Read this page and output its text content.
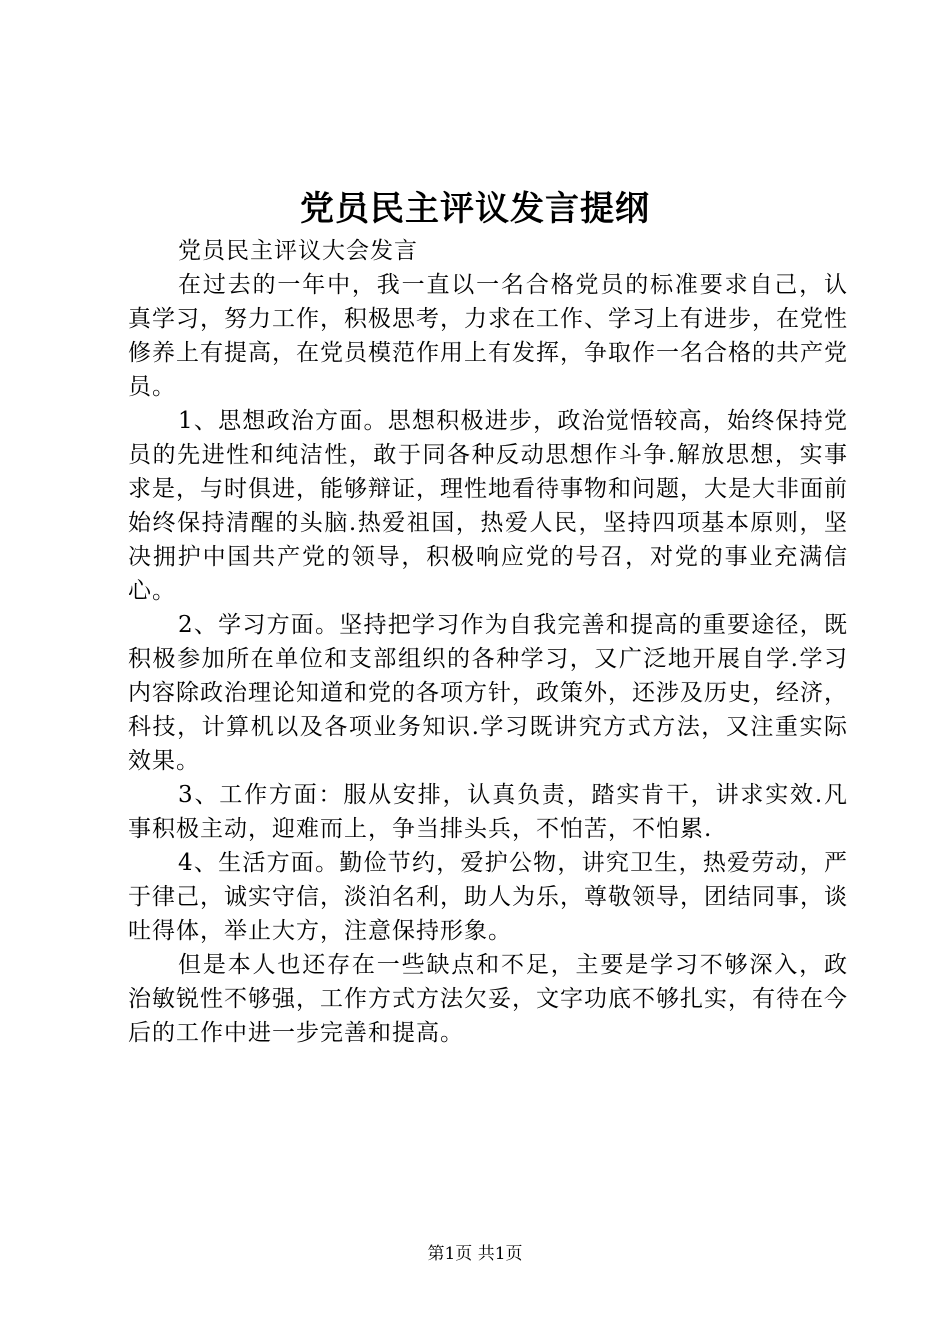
党员民主评议发言提纲

党员民主评议大会发言

在过去的一年中，我一直以一名合格党员的标准要求自己，认真学习，努力工作，积极思考，力求在工作、学习上有进步，在党性修养上有提高，在党员模范作用上有发挥，争取作一名合格的共产党员。

1、思想政治方面。思想积极进步，政治觉悟较高，始终保持党员的先进性和纯洁性，敢于同各种反动思想作斗争.解放思想，实事求是，与时俱进，能够辩证，理性地看待事物和问题，大是大非面前始终保持清醒的头脑.热爱祖国，热爱人民，坚持四项基本原则，坚决拥护中国共产党的领导，积极响应党的号召，对党的事业充满信心。

2、学习方面。坚持把学习作为自我完善和提高的重要途径，既积极参加所在单位和支部组织的各种学习，又广泛地开展自学.学习内容除政治理论知道和党的各项方针，政策外，还涉及历史，经济，科技，计算机以及各项业务知识.学习既讲究方式方法，又注重实际效果。

3、工作方面：服从安排，认真负责，踏实肯干，讲求实效.凡事积极主动，迎难而上，争当排头兵，不怕苦，不怕累.

4、生活方面。勤俭节约，爱护公物，讲究卫生，热爱劳动，严于律己，诚实守信，淡泊名利，助人为乐，尊敬领导，团结同事，谈吐得体，举止大方，注意保持形象。

但是本人也还存在一些缺点和不足，主要是学习不够深入，政治敏锐性不够强，工作方式方法欠妥，文字功底不够扎实，有待在今后的工作中进一步完善和提高。

第1页 共1页
